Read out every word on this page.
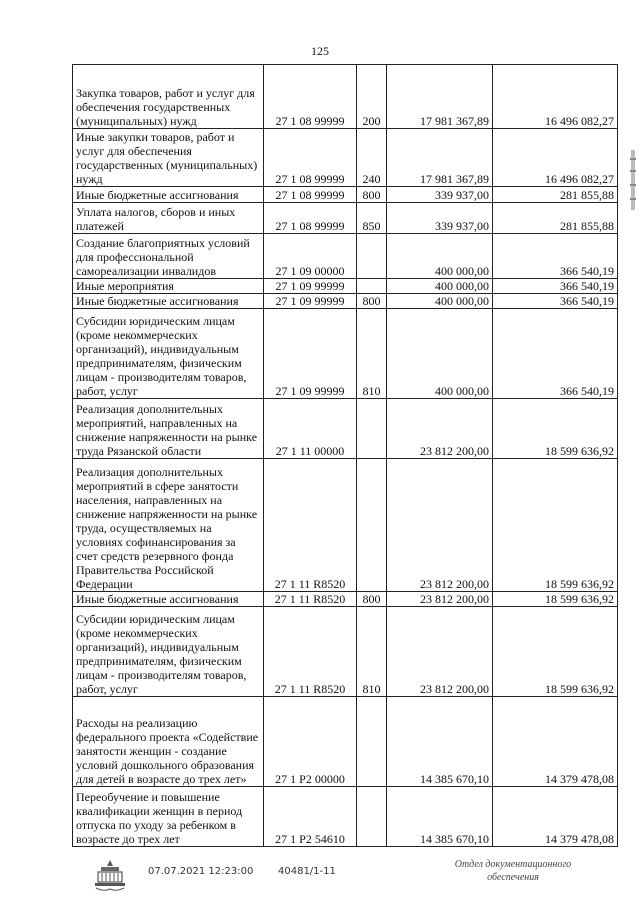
125
Закупка товаров, работ и услуг для обеспечения государственных (муниципальных) нужд	27 1 08 99999	200	17 981 367,89	16 496 082,27
Иные закупки товаров, работ и услуг для обеспечения государственных (муниципальных) нужд	27 1 08 99999	240	17 981 367,89	16 496 082,27
Иные бюджетные ассигнования	27 1 08 99999	800	339 937,00	281 855,88
Уплата налогов, сборов и иных платежей	27 1 08 99999	850	339 937,00	281 855,88
Создание благоприятных условий для профессиональной самореализации инвалидов	27 1 09 00000		400 000,00	366 540,19
Иные мероприятия	27 1 09 99999		400 000,00	366 540,19
Иные бюджетные ассигнования	27 1 09 99999	800	400 000,00	366 540,19
Субсидии юридическим лицам (кроме некоммерческих организаций), индивидуальным предпринимателям, физическим лицам - производителям товаров, работ, услуг	27 1 09 99999	810	400 000,00	366 540,19
Реализация дополнительных мероприятий, направленных на снижение напряженности на рынке труда Рязанской области	27 1 11 00000		23 812 200,00	18 599 636,92
Реализация дополнительных мероприятий в сфере занятости населения, направленных на снижение напряженности на рынке труда, осуществляемых на условиях софинансирования за счет средств резервного фонда Правительства Российской Федерации	27 1 11 R8520		23 812 200,00	18 599 636,92
Иные бюджетные ассигнования	27 1 11 R8520	800	23 812 200,00	18 599 636,92
Субсидии юридическим лицам (кроме некоммерческих организаций), индивидуальным предпринимателям, физическим лицам - производителям товаров, работ, услуг	27 1 11 R8520	810	23 812 200,00	18 599 636,92
Расходы на реализацию федерального проекта «Содействие занятости женщин - создание условий дошкольного образования для детей в возрасте до трех лет»	27 1 P2 00000		14 385 670,10	14 379 478,08
Переобучение и повышение квалификации женщин в период отпуска по уходу за ребенком в возрасте до трех лет	27 1 P2 54610		14 385 670,10	14 379 478,08
07.07.2021 12:23:00 40481/1-11
Отдел документационного
обеспечения
